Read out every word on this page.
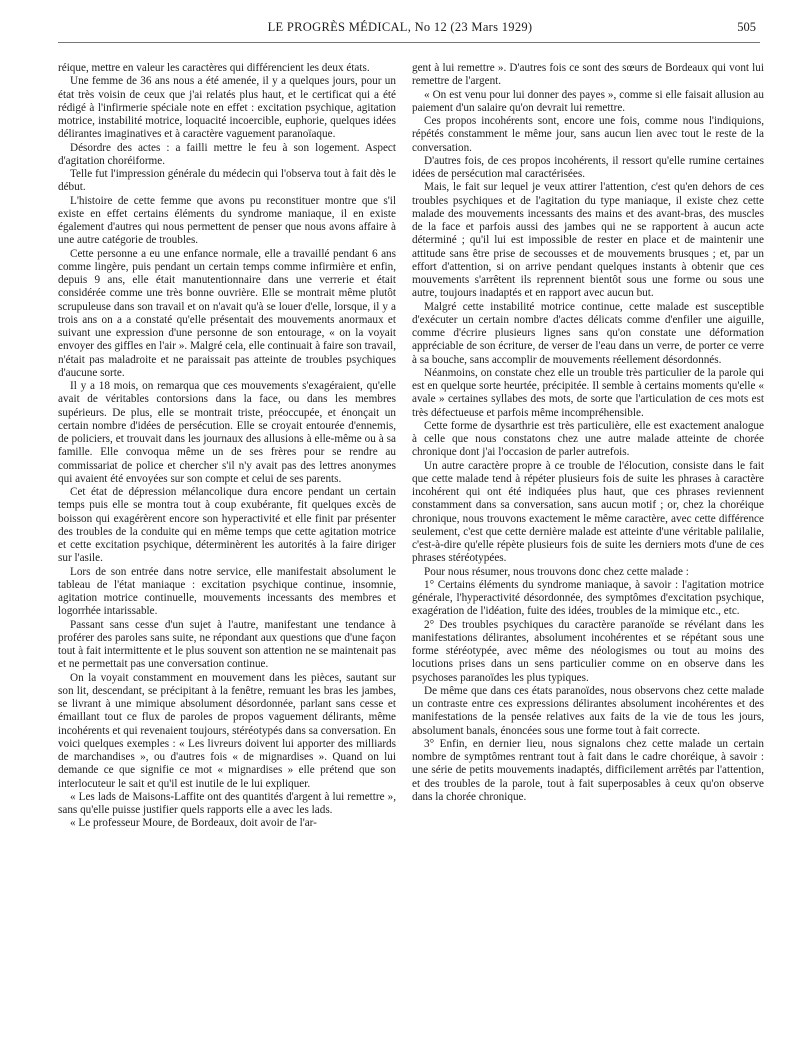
LE PROGRÈS MÉDICAL, No 12 (23 Mars 1929)	505

réique, mettre en valeur les caractères qui différencient les deux états.

Une femme de 36 ans nous a été amenée, il y a quelques jours, pour un état très voisin de ceux que j'ai relatés plus haut, et le certificat qui a été rédigé à l'infirmerie spéciale note en effet : excitation psychique, agitation motrice, instabilité motrice, loquacité incoercible, euphorie, quelques idées délirantes imaginatives et à caractère vaguement paranoïaque.

Désordre des actes : a failli mettre le feu à son logement. Aspect d'agitation choréiforme.

Telle fut l'impression générale du médecin qui l'observa tout à fait dès le début.

L'histoire de cette femme que avons pu reconstituer montre que s'il existe en effet certains éléments du syndrome maniaque, il en existe également d'autres qui nous permettent de penser que nous avons affaire à une autre catégorie de troubles.

Cette personne a eu une enfance normale, elle a travaillé pendant 6 ans comme lingère, puis pendant un certain temps comme infirmière et enfin, depuis 9 ans, elle était manutentionnaire dans une verrerie et était considérée comme une très bonne ouvrière. Elle se montrait même plutôt scrupuleuse dans son travail et on n'avait qu'à se louer d'elle, lorsque, il y a trois ans on a a constaté qu'elle présentait des mouvements anormaux et suivant une expression d'une personne de son entourage, « on la voyait envoyer des giffles en l'air ». Malgré cela, elle continuait à faire son travail, n'était pas maladroite et ne paraissait pas atteinte de troubles psychiques d'aucune sorte.

Il y a 18 mois, on remarqua que ces mouvements s'exagéraient, qu'elle avait de véritables contorsions dans la face, ou dans les membres supérieurs. De plus, elle se montrait triste, préoccupée, et énonçait un certain nombre d'idées de persécution. Elle se croyait entourée d'ennemis, de policiers, et trouvait dans les journaux des allusions à elle-même ou à sa famille. Elle convoqua même un de ses frères pour se rendre au commissariat de police et chercher s'il n'y avait pas des lettres anonymes qui avaient été envoyées sur son compte et celui de ses parents.

Cet état de dépression mélancolique dura encore pendant un certain temps puis elle se montra tout à coup exubérante, fit quelques excès de boisson qui exagérèrent encore son hyperactivité et elle finit par présenter des troubles de la conduite qui en même temps que cette agitation motrice et cette excitation psychique, déterminèrent les autorités à la faire diriger sur l'asile.

Lors de son entrée dans notre service, elle manifestait absolument le tableau de l'état maniaque : excitation psychique continue, insomnie, agitation motrice continuelle, mouvements incessants des membres et logorrhée intarissable.

Passant sans cesse d'un sujet à l'autre, manifestant une tendance à proférer des paroles sans suite, ne répondant aux questions que d'une façon tout à fait intermittente et le plus souvent son attention ne se maintenait pas et ne permettait pas une conversation continue.

On la voyait constamment en mouvement dans les pièces, sautant sur son lit, descendant, se précipitant à la fenêtre, remuant les bras les jambes, se livrant à une mimique absolument désordonnée, parlant sans cesse et émaillant tout ce flux de paroles de propos vaguement délirants, même incohérents et qui revenaient toujours, stéréotypés dans sa conversation. En voici quelques exemples : « Les livreurs doivent lui apporter des milliards de marchandises », ou d'autres fois « de mignardises ». Quand on lui demande ce que signifie ce mot « mignardises » elle prétend que son interlocuteur le sait et qu'il est inutile de le lui expliquer.

« Les lads de Maisons-Laffite ont des quantités d'argent à lui remettre », sans qu'elle puisse justifier quels rapports elle a avec les lads.

« Le professeur Moure, de Bordeaux, doit avoir de l'ar-

gent à lui remettre ». D'autres fois ce sont des sœurs de Bordeaux qui vont lui remettre de l'argent.

« On est venu pour lui donner des payes », comme si elle faisait allusion au paiement d'un salaire qu'on devrait lui remettre.

Ces propos incohérents sont, encore une fois, comme nous l'indiquions, répétés constamment le même jour, sans aucun lien avec tout le reste de la conversation.

D'autres fois, de ces propos incohérents, il ressort qu'elle rumine certaines idées de persécution mal caractérisées.

Mais, le fait sur lequel je veux attirer l'attention, c'est qu'en dehors de ces troubles psychiques et de l'agitation du type maniaque, il existe chez cette malade des mouvements incessants des mains et des avant-bras, des muscles de la face et parfois aussi des jambes qui ne se rapportent à aucun acte déterminé ; qu'il lui est impossible de rester en place et de maintenir une attitude sans être prise de secousses et de mouvements brusques ; et, par un effort d'attention, si on arrive pendant quelques instants à obtenir que ces mouvements s'arrêtent ils reprennent bientôt sous une forme ou sous une autre, toujours inadaptés et en rapport avec aucun but.

Malgré cette instabilité motrice continue, cette malade est susceptible d'exécuter un certain nombre d'actes délicats comme d'enfiler une aiguille, comme d'écrire plusieurs lignes sans qu'on constate une déformation appréciable de son écriture, de verser de l'eau dans un verre, de porter ce verre à sa bouche, sans accomplir de mouvements réellement désordonnés.

Néanmoins, on constate chez elle un trouble très particulier de la parole qui est en quelque sorte heurtée, précipitée. Il semble à certains moments qu'elle « avale » certaines syllabes des mots, de sorte que l'articulation de ces mots est très défectueuse et parfois même incompréhensible.

Cette forme de dysarthrie est très particulière, elle est exactement analogue à celle que nous constatons chez une autre malade atteinte de chorée chronique dont j'ai l'occasion de parler autrefois.

Un autre caractère propre à ce trouble de l'élocution, consiste dans le fait que cette malade tend à répéter plusieurs fois de suite les phrases à caractère incohérent qui ont été indiquées plus haut, que ces phrases reviennent constamment dans sa conversation, sans aucun motif ; or, chez la choréique chronique, nous trouvons exactement le même caractère, avec cette différence seulement, c'est que cette dernière malade est atteinte d'une véritable palilalie, c'est-à-dire qu'elle répète plusieurs fois de suite les derniers mots d'une de ces phrases stéréotypées.

Pour nous résumer, nous trouvons donc chez cette malade :

1° Certains éléments du syndrome maniaque, à savoir : l'agitation motrice générale, l'hyperactivité désordonnée, des symptômes d'excitation psychique, exagération de l'idéation, fuite des idées, troubles de la mimique etc., etc.

2° Des troubles psychiques du caractère paranoïde se révélant dans les manifestations délirantes, absolument incohérentes et se répétant sous une forme stéréotypée, avec même des néologismes ou tout au moins des locutions prises dans un sens particulier comme on en observe dans les psychoses paranoïdes les plus typiques.

De même que dans ces états paranoïdes, nous observons chez cette malade un contraste entre ces expressions délirantes absolument incohérentes et des manifestations de la pensée relatives aux faits de la vie de tous les jours, absolument banals, énoncées sous une forme tout à fait correcte.

3° Enfin, en dernier lieu, nous signalons chez cette malade un certain nombre de symptômes rentrant tout à fait dans le cadre choréique, à savoir : une série de petits mouvements inadaptés, difficilement arrêtés par l'attention, et des troubles de la parole, tout à fait superposables à ceux qu'on observe dans la chorée chronique.
